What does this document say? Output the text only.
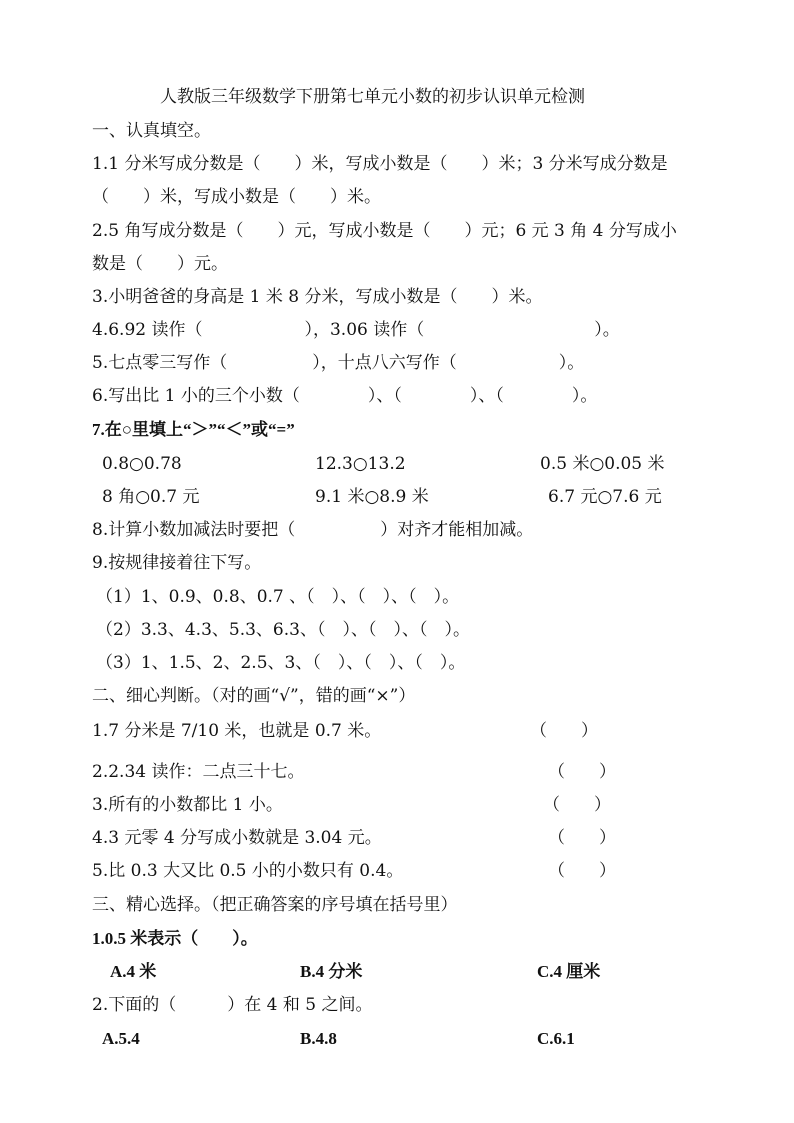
人教版三年级数学下册第七单元小数的初步认识单元检测
一、认真填空。
1.1 分米写成分数是（　　）米，写成小数是（　　）米；3 分米写成分数是
（　　）米，写成小数是（　　）米。
2.5 角写成分数是（　　）元，写成小数是（　　）元；6 元 3 角 4 分写成小
数是（　　）元。
3.小明爸爸的身高是 1 米 8 分米，写成小数是（　　）米。
4.6.92 读作（　　　　　　），3.06 读作（　　　　　　　　　　）。
5.七点零三写作（　　　　　），十点八六写作（　　　　　　）。
6.写出比 1 小的三个小数（　　　　）、（　　　　）、（　　　　）。
7.在○里填上“＞”“＜”或“=”
0.8○0.78	12.3○13.2	0.5 米○0.05 米
8 角○0.7 元	9.1 米○8.9 米	6.7 元○7.6 元
8.计算小数加减法时要把（　　　　　）对齐才能相加减。
9.按规律接着往下写。
（1）1、0.9、0.8、0.7 、（　）、（　）、（　）。
（2）3.3、4.3、5.3、6.3、（　）、（　）、（　）。
（3）1、1.5、2、2.5、3、（　）、（　）、（　）。
二、细心判断。（对的画“√”，错的画“×”）
1.7 分米是 7/10 米，也就是 0.7 米。	（　　）
2.2.34 读作：二点三十七。	（　　）
3.所有的小数都比 1 小。	（　　）
4.3 元零 4 分写成小数就是 3.04 元。	（　　）
5.比 0.3 大又比 0.5 小的小数只有 0.4。	（　　）
三、精心选择。（把正确答案的序号填在括号里）
1.0.5 米表示（　　）。
A.4 米	B.4 分米	C.4 厘米
2.下面的（　　　）在 4 和 5 之间。
A.5.4	B.4.8	C.6.1
